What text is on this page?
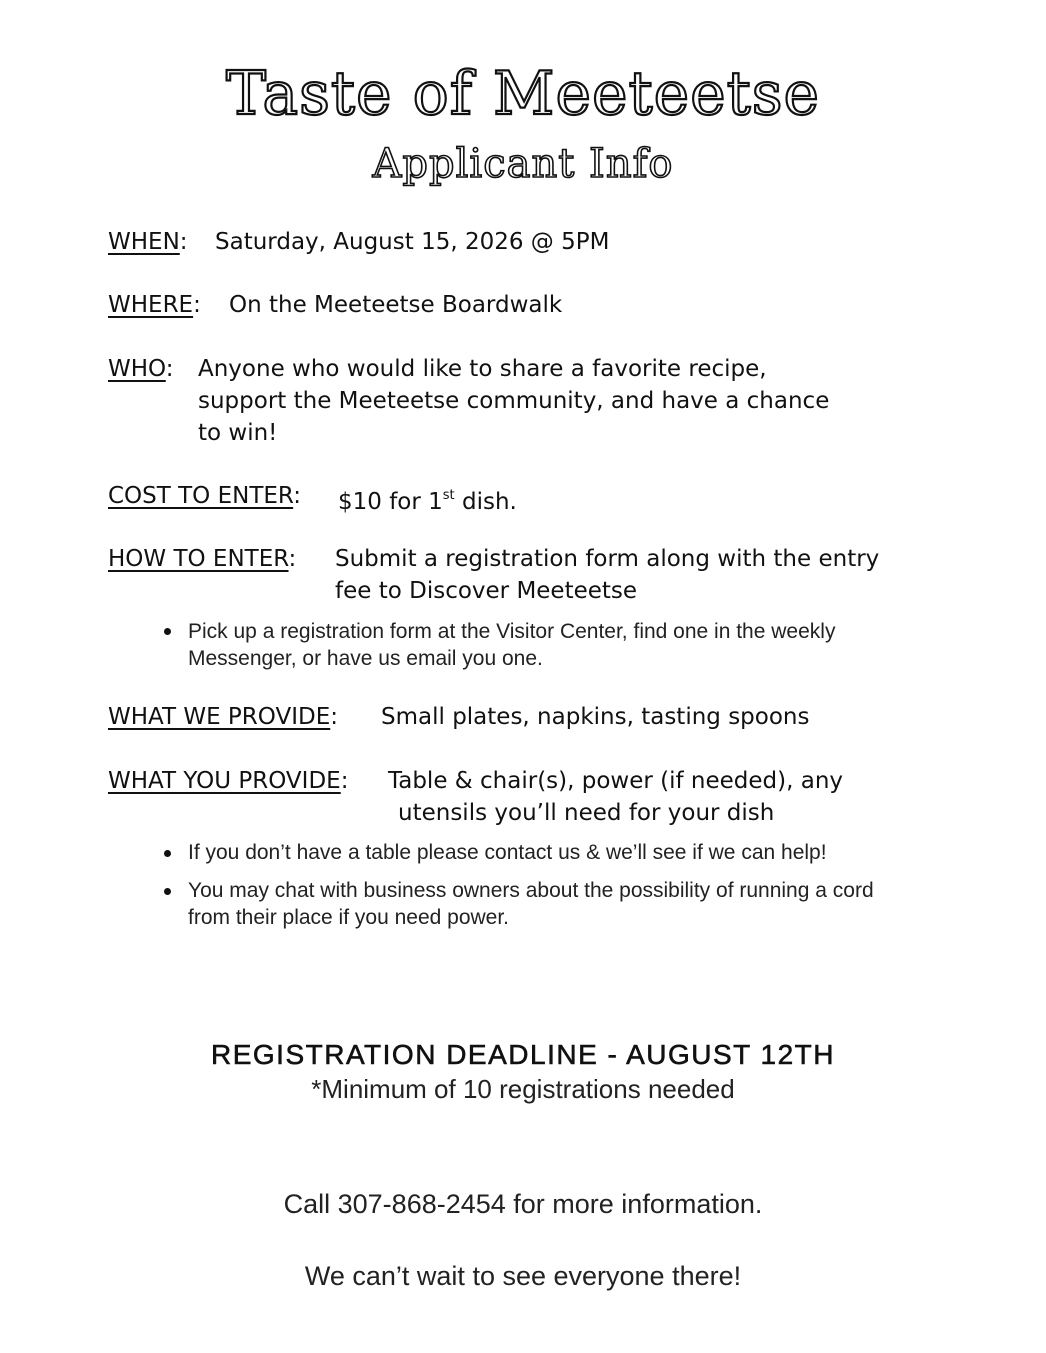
Taste of Meeteetse
Applicant Info
WHEN: Saturday, August 15, 2026 @ 5PM
WHERE: On the Meeteetse Boardwalk
WHO: Anyone who would like to share a favorite recipe,
support the Meeteetse community, and have a chance
to win!
COST TO ENTER: $10 for 1st dish.
HOW TO ENTER: Submit a registration form along with the entry
fee to Discover Meeteetse
Pick up a registration form at the Visitor Center, find one in the weekly
Messenger, or have us email you one.
WHAT WE PROVIDE: Small plates, napkins, tasting spoons
WHAT YOU PROVIDE: Table & chair(s), power (if needed), any
utensils you’ll need for your dish
If you don’t have a table please contact us & we’ll see if we can help!
You may chat with business owners about the possibility of running a cord
from their place if you need power.
REGISTRATION DEADLINE - AUGUST 12TH
*Minimum of 10 registrations needed
Call 307-868-2454 for more information.
We can’t wait to see everyone there!
